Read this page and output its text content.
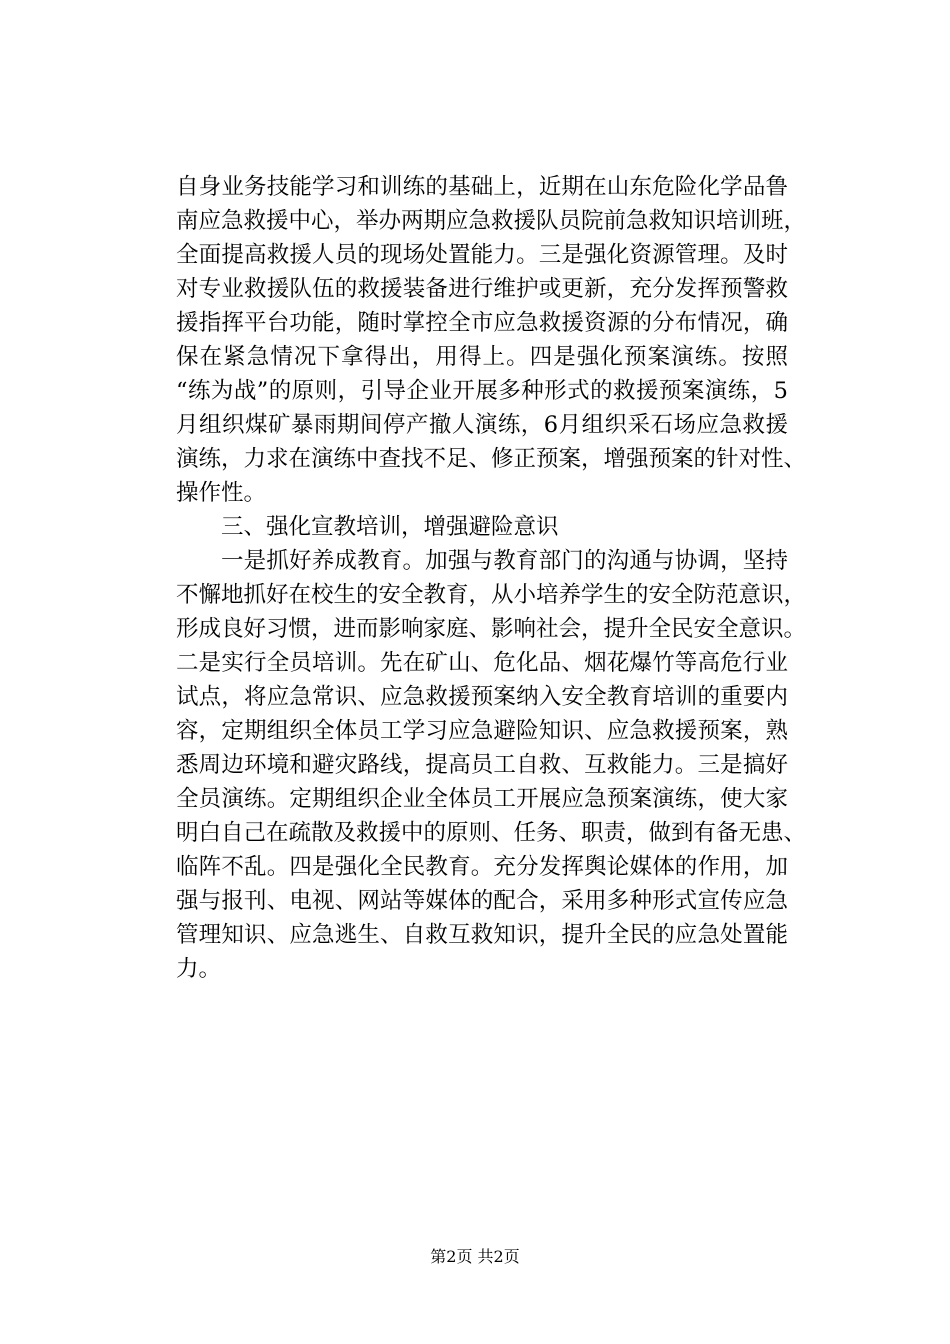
自身业务技能学习和训练的基础上，近期在山东危险化学品鲁
南应急救援中心，举办两期应急救援队员院前急救知识培训班，
全面提高救援人员的现场处置能力。三是强化资源管理。及时
对专业救援队伍的救援装备进行维护或更新，充分发挥预警救
援指挥平台功能，随时掌控全市应急救援资源的分布情况，确
保在紧急情况下拿得出，用得上。四是强化预案演练。按照
“练为战”的原则，引导企业开展多种形式的救援预案演练，5
月组织煤矿暴雨期间停产撤人演练，6月组织采石场应急救援
演练，力求在演练中查找不足、修正预案，增强预案的针对性、
操作性。
三、强化宣教培训，增强避险意识
一是抓好养成教育。加强与教育部门的沟通与协调，坚持
不懈地抓好在校生的安全教育，从小培养学生的安全防范意识，
形成良好习惯，进而影响家庭、影响社会，提升全民安全意识。
二是实行全员培训。先在矿山、危化品、烟花爆竹等高危行业
试点，将应急常识、应急救援预案纳入安全教育培训的重要内
容，定期组织全体员工学习应急避险知识、应急救援预案，熟
悉周边环境和避灾路线，提高员工自救、互救能力。三是搞好
全员演练。定期组织企业全体员工开展应急预案演练，使大家
明白自己在疏散及救援中的原则、任务、职责，做到有备无患、
临阵不乱。四是强化全民教育。充分发挥舆论媒体的作用，加
强与报刊、电视、网站等媒体的配合，采用多种形式宣传应急
管理知识、应急逃生、自救互救知识，提升全民的应急处置能
力。
第2页 共2页
